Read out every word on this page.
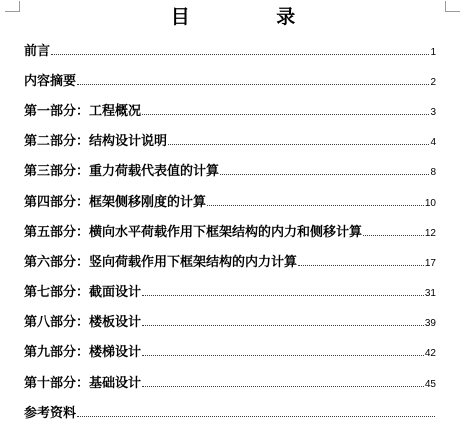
目 录
前言	1
内容摘要	2
第一部分：工程概况	3
第二部分：结构设计说明	4
第三部分：重力荷载代表值的计算	8
第四部分：框架侧移刚度的计算	10
第五部分：横向水平荷载作用下框架结构的内力和侧移计算	12
第六部分：竖向荷载作用下框架结构的内力计算	17
第七部分：截面设计	31
第八部分：楼板设计	39
第九部分：楼梯设计	42
第十部分：基础设计	45
参考资料
